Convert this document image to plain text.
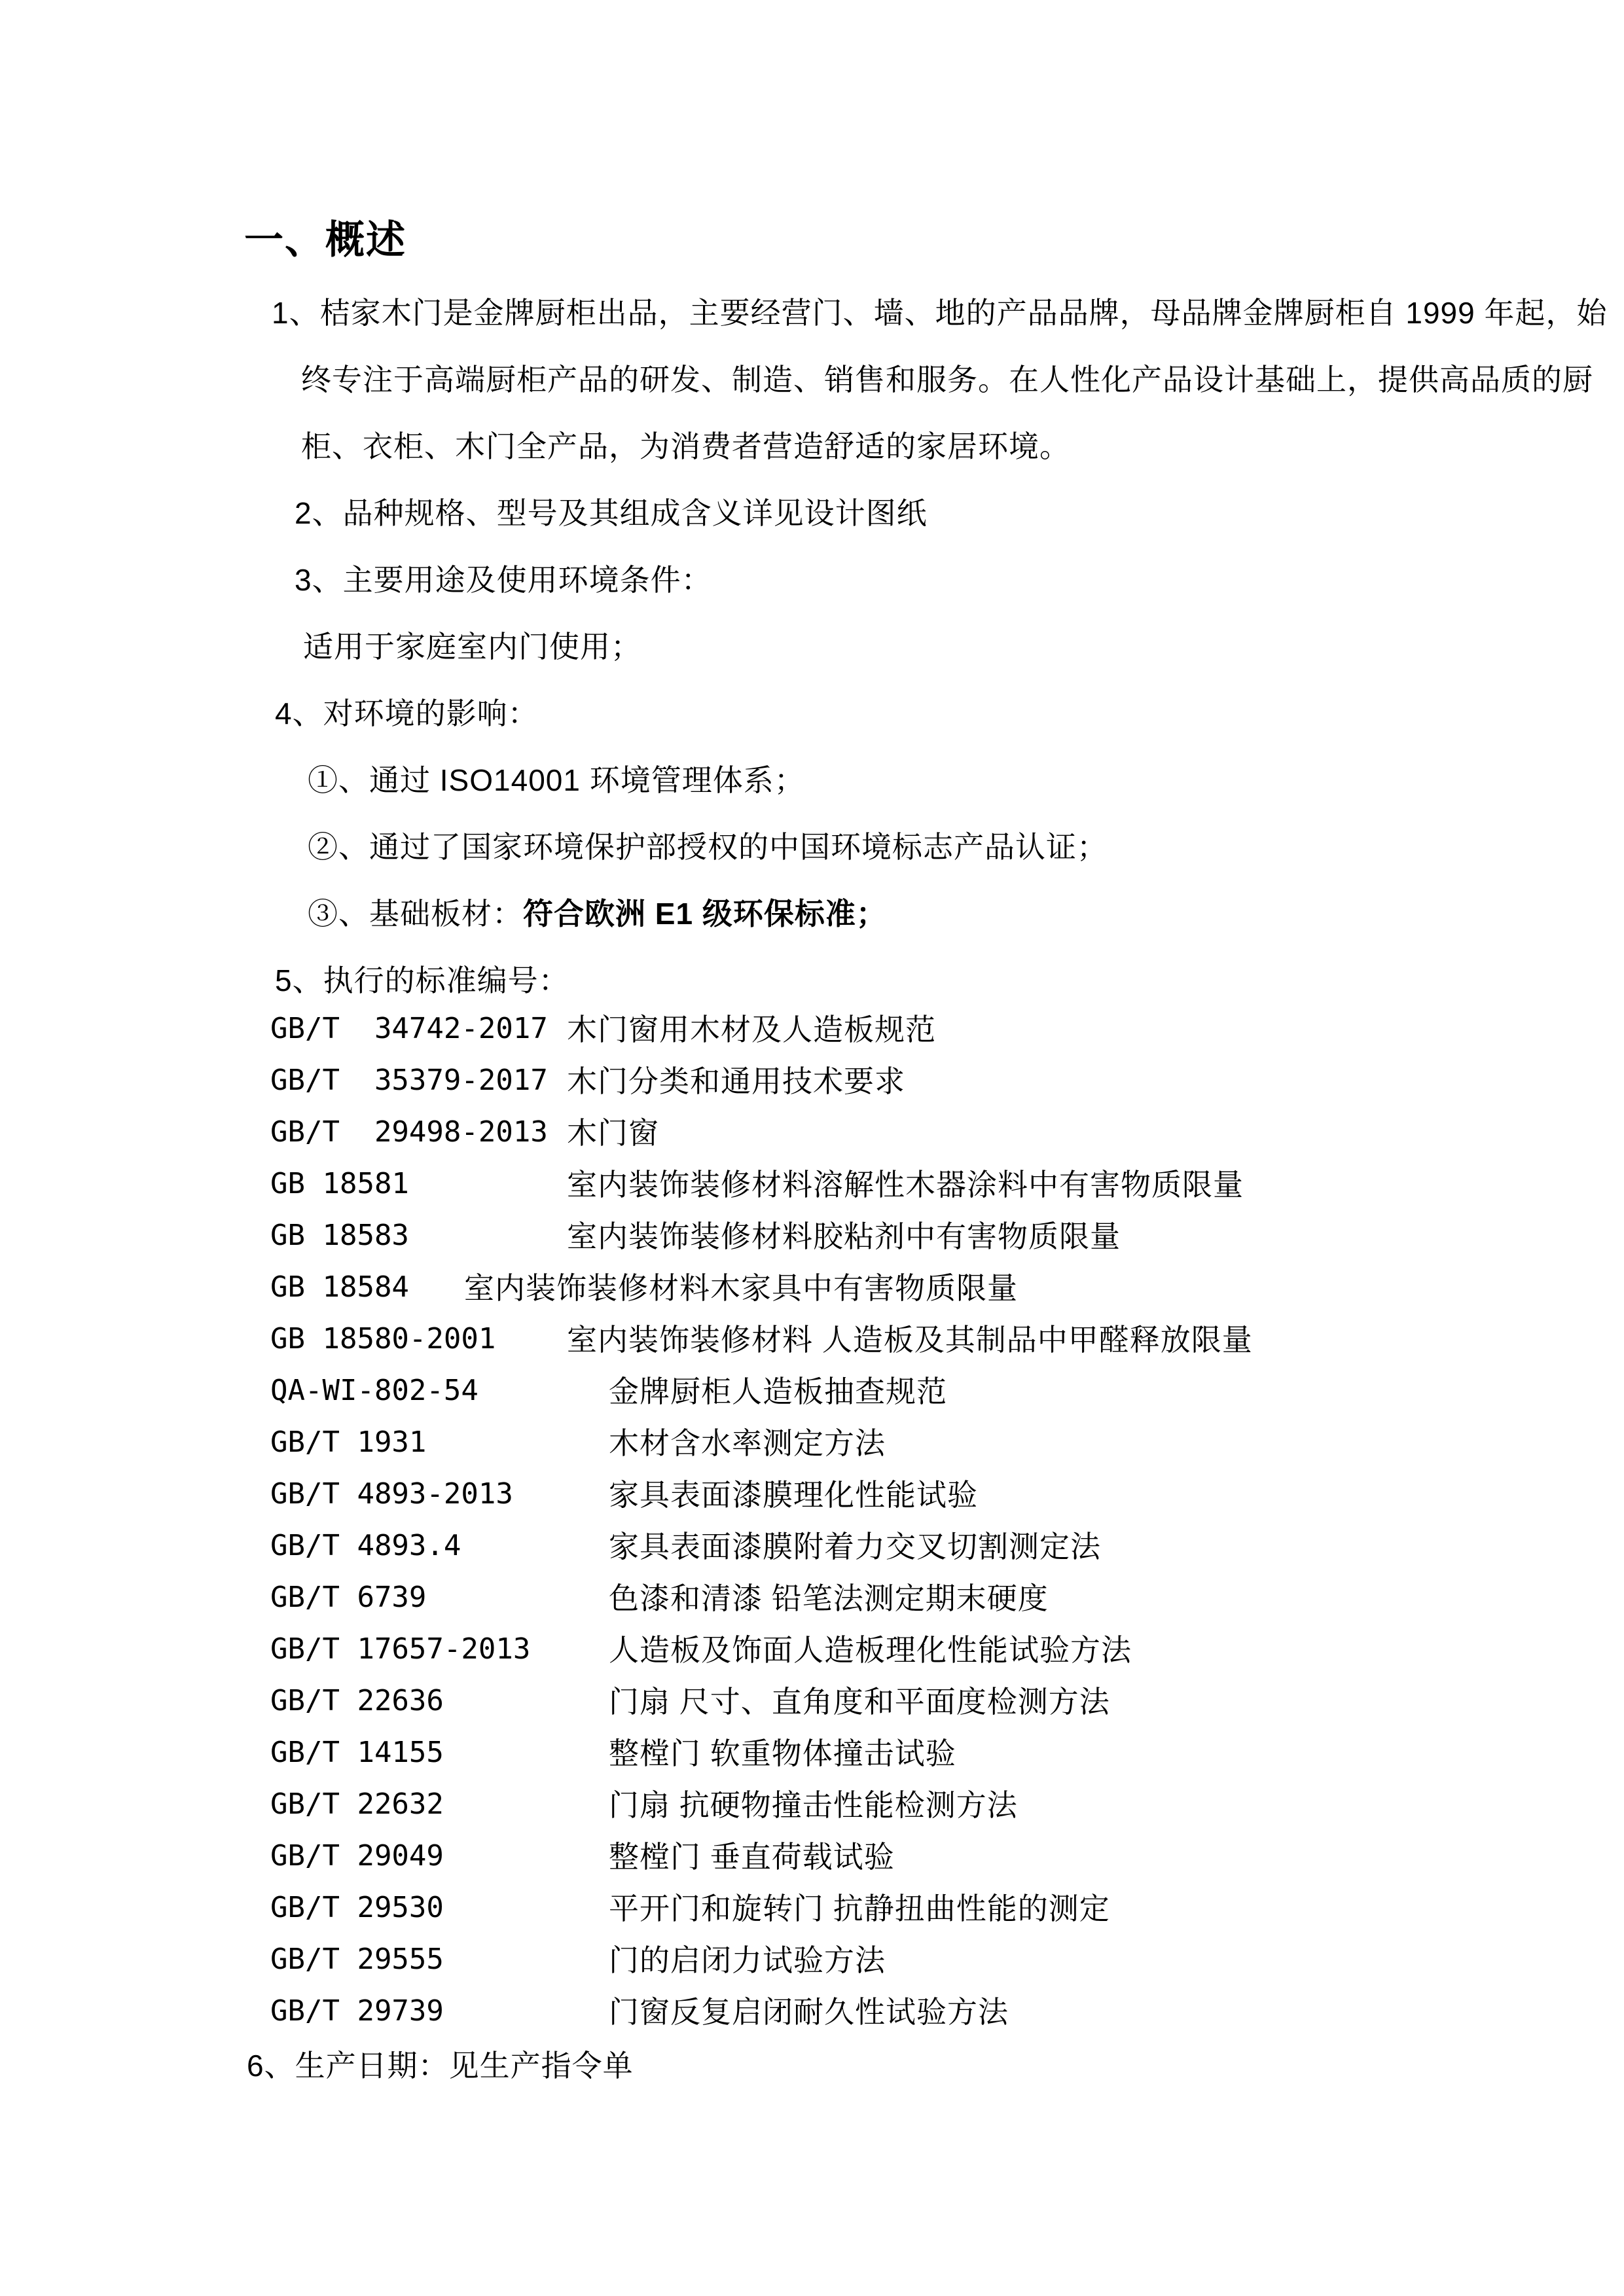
一、概述
1、桔家木门是金牌厨柜出品，主要经营门、墙、地的产品品牌，母品牌金牌厨柜自 1999 年起，始
终专注于高端厨柜产品的研发、制造、销售和服务。在人性化产品设计基础上，提供高品质的厨
柜、衣柜、木门全产品，为消费者营造舒适的家居环境。
2、品种规格、型号及其组成含义详见设计图纸
3、主要用途及使用环境条件：
适用于家庭室内门使用；
4、对环境的影响：
①、通过 ISO14001 环境管理体系；
②、通过了国家环境保护部授权的中国环境标志产品认证；
③、基础板材：符合欧洲 E1 级环保标准；
5、执行的标准编号：
GB/T  34742-2017 木门窗用木材及人造板规范
GB/T  35379-2017 木门分类和通用技术要求
GB/T  29498-2013 木门窗
GB 18581	室内装饰装修材料溶解性木器涂料中有害物质限量
GB 18583	室内装饰装修材料胶粘剂中有害物质限量
GB 18584 室内装饰装修材料木家具中有害物质限量
GB 18580-2001 室内装饰装修材料 人造板及其制品中甲醛释放限量
QA-WI-802-54	金牌厨柜人造板抽查规范
GB/T 1931	木材含水率测定方法
GB/T 4893-2013	家具表面漆膜理化性能试验
GB/T 4893.4	家具表面漆膜附着力交叉切割测定法
GB/T 6739	色漆和清漆 铅笔法测定期末硬度
GB/T 17657-2013	人造板及饰面人造板理化性能试验方法
GB/T 22636	门扇 尺寸、直角度和平面度检测方法
GB/T 14155	整樘门 软重物体撞击试验
GB/T 22632	门扇 抗硬物撞击性能检测方法
GB/T 29049	整樘门 垂直荷载试验
GB/T 29530	平开门和旋转门 抗静扭曲性能的测定
GB/T 29555	门的启闭力试验方法
GB/T 29739	门窗反复启闭耐久性试验方法
6、生产日期：见生产指令单
